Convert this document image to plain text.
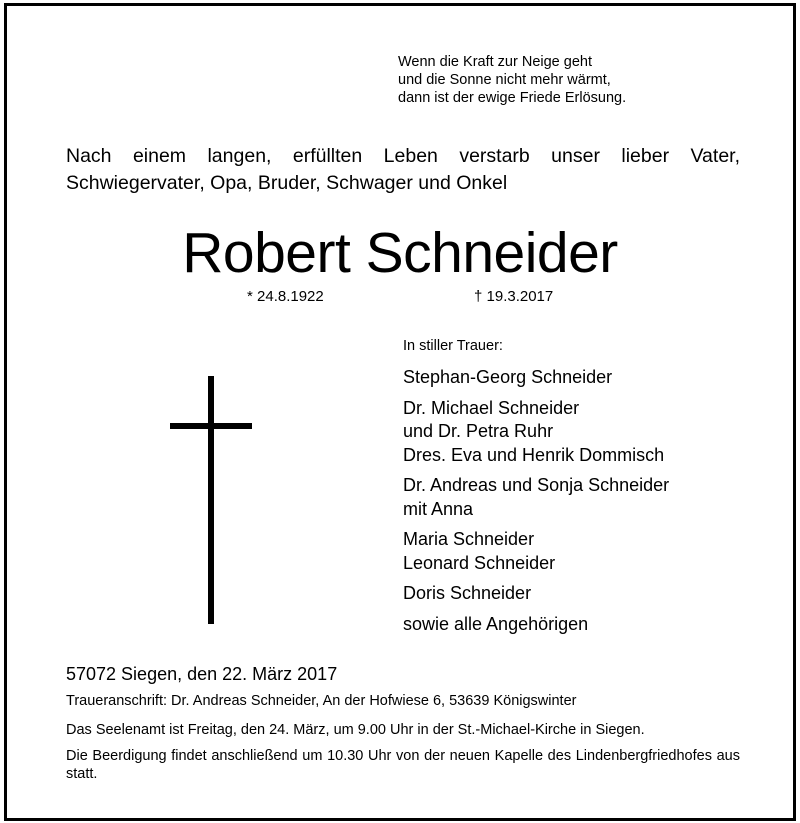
Wenn die Kraft zur Neige geht
und die Sonne nicht mehr wärmt,
dann ist der ewige Friede Erlösung.
Nach einem langen, erfüllten Leben verstarb unser lieber Vater, Schwiegervater, Opa, Bruder, Schwager und Onkel
Robert Schneider
* 24.8.1922	† 19.3.2017
In stiller Trauer:
Stephan-Georg Schneider
Dr. Michael Schneider
und Dr. Petra Ruhr
Dres. Eva und Henrik Dommisch
Dr. Andreas und Sonja Schneider
mit Anna
Maria Schneider
Leonard Schneider
Doris Schneider
sowie alle Angehörigen
57072 Siegen, den 22. März 2017
Traueranschrift: Dr. Andreas Schneider, An der Hofwiese 6, 53639 Königswinter
Das Seelenamt ist Freitag, den 24. März, um 9.00 Uhr in der St.-Michael-Kirche in Siegen.
Die Beerdigung findet anschließend um 10.30 Uhr von der neuen Kapelle des Lindenbergfriedhofes aus statt.
